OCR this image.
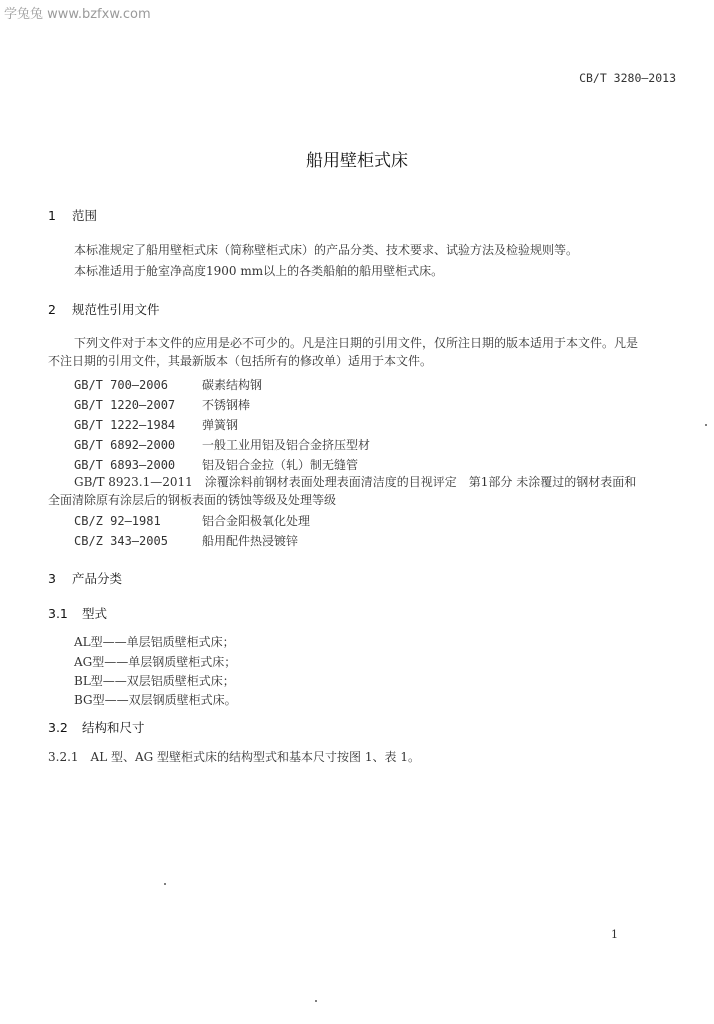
学兔兔 www.bzfxw.com
CB/T 3280—2013
船用壁柜式床
1 范围
本标准规定了船用壁柜式床（简称壁柜式床）的产品分类、技术要求、试验方法及检验规则等。
本标准适用于舱室净高度1900 mm以上的各类船舶的船用壁柜式床。
2 规范性引用文件
下列文件对于本文件的应用是必不可少的。凡是注日期的引用文件，仅所注日期的版本适用于本文件。凡是不注日期的引用文件，其最新版本（包括所有的修改单）适用于本文件。
GB/T 700—2006	碳素结构钢
GB/T 1220—2007 不锈钢棒
GB/T 1222—1984 弹簧钢
GB/T 6892—2000 一般工业用铝及铝合金挤压型材
GB/T 6893—2000 铝及铝合金拉（轧）制无缝管
GB/T 8923.1—2011　涂覆涂料前钢材表面处理表面清洁度的目视评定　第1部分 未涂覆过的钢材表面和全面清除原有涂层后的钢板表面的锈蚀等级及处理等级
CB/Z 92—1981	铝合金阳极氧化处理
CB/Z 343—2005	船用配件热浸镀锌
3 产品分类
3.1 型式
AL型——单层铝质壁柜式床；
AG型——单层钢质壁柜式床；
BL型——双层铝质壁柜式床；
BG型——双层钢质壁柜式床。
3.2 结构和尺寸
3.2.1　AL 型、AG 型壁柜式床的结构型式和基本尺寸按图 1、表 1。
1
